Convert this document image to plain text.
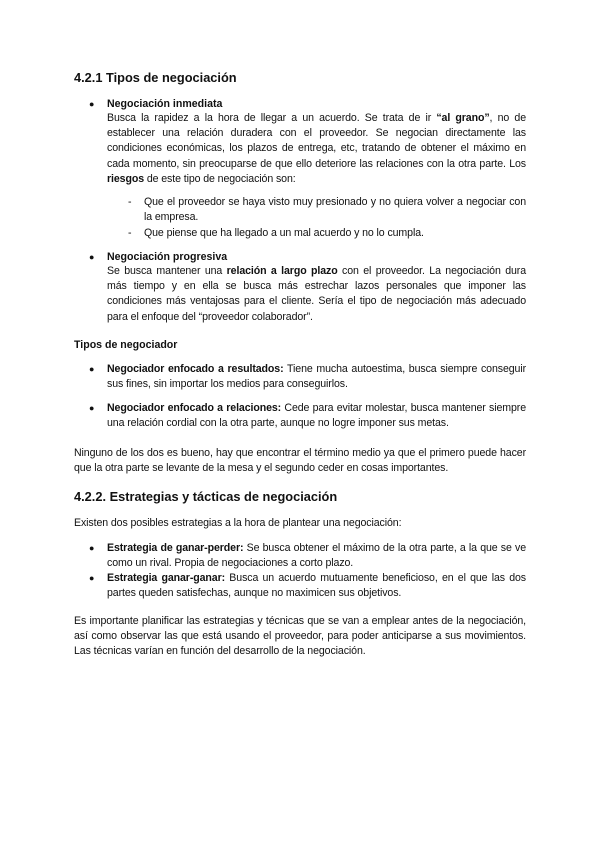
4.2.1 Tipos de negociación
● Negociación inmediata

Busca la rapidez a la hora de llegar a un acuerdo. Se trata de ir “al grano”, no de establecer una relación duradera con el proveedor. Se negocian directamente las condiciones económicas, los plazos de entrega, etc, tratando de obtener el máximo en cada momento, sin preocuparse de que ello deteriore las relaciones con la otra parte. Los riesgos de este tipo de negociación son:

- Que el proveedor se haya visto muy presionado y no quiera volver a negociar con la empresa.

- Que piense que ha llegado a un mal acuerdo y no lo cumpla.

● Negociación progresiva

Se busca mantener una relación a largo plazo con el proveedor. La negociación dura más tiempo y en ella se busca más estrechar lazos personales que imponer las condiciones más ventajosas para el cliente. Sería el tipo de negociación más adecuado para el enfoque del “proveedor colaborador”.

Tipos de negociador

● Negociador enfocado a resultados: Tiene mucha autoestima, busca siempre conseguir sus fines, sin importar los medios para conseguirlos.

● Negociador enfocado a relaciones: Cede para evitar molestar, busca mantener siempre una relación cordial con la otra parte, aunque no logre imponer sus metas.

Ninguno de los dos es bueno, hay que encontrar el término medio ya que el primero puede hacer que la otra parte se levante de la mesa y el segundo ceder en cosas importantes.

4.2.2. Estrategias y tácticas de negociación

Existen dos posibles estrategias a la hora de plantear una negociación:

● Estrategia de ganar-perder: Se busca obtener el máximo de la otra parte, a la que se ve como un rival. Propia de negociaciones a corto plazo.

● Estrategia ganar-ganar: Busca un acuerdo mutuamente beneficioso, en el que las dos partes queden satisfechas, aunque no maximicen sus objetivos.

Es importante planificar las estrategias y técnicas que se van a emplear antes de la negociación, así como observar las que está usando el proveedor, para poder anticiparse a sus movimientos. Las técnicas varían en función del desarrollo de la negociación.
